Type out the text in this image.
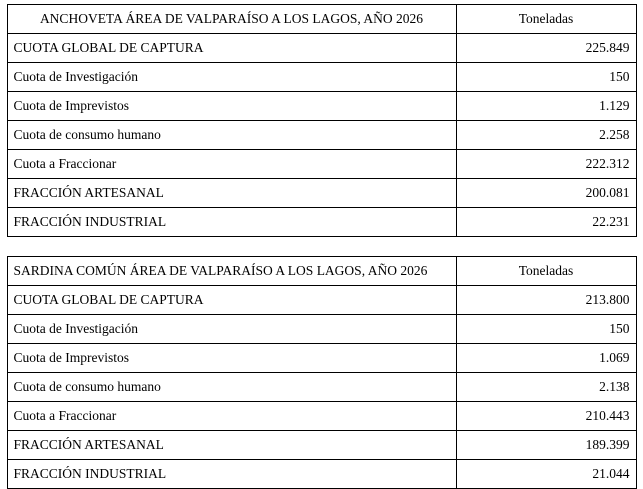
ANCHOVETA ÁREA DE VALPARAÍSO A LOS LAGOS, AÑO 2026	Toneladas
CUOTA GLOBAL DE CAPTURA	225.849
Cuota de Investigación	150
Cuota de Imprevistos	1.129
Cuota de consumo humano	2.258
Cuota a Fraccionar	222.312
FRACCIÓN ARTESANAL	200.081
FRACCIÓN INDUSTRIAL	22.231
SARDINA COMÚN ÁREA DE VALPARAÍSO A LOS LAGOS, AÑO 2026	Toneladas
CUOTA GLOBAL DE CAPTURA	213.800
Cuota de Investigación	150
Cuota de Imprevistos	1.069
Cuota de consumo humano	2.138
Cuota a Fraccionar	210.443
FRACCIÓN ARTESANAL	189.399
FRACCIÓN INDUSTRIAL	21.044
